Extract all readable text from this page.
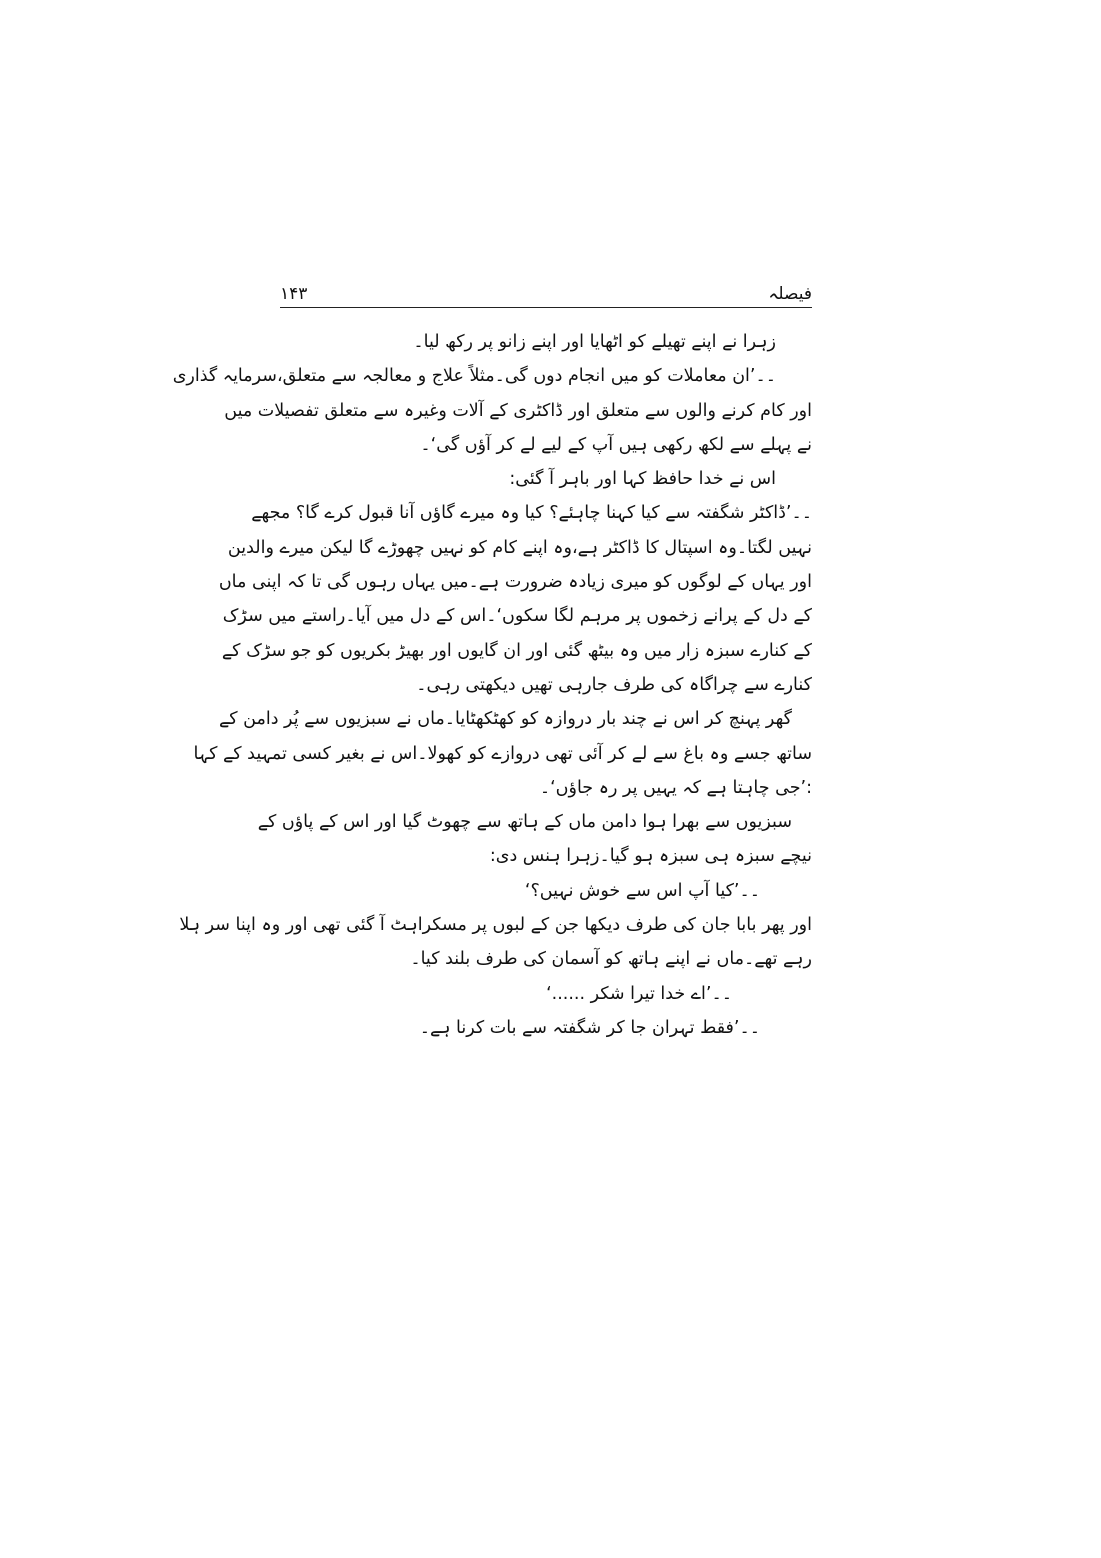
فیصلہ
۱۴۳
زہرا نے اپنے تھیلے کو اٹھایا اور اپنے زانو پر رکھ لیا۔
۔۔’ان معاملات کو میں انجام دوں گی۔مثلاً علاج و معالجہ سے متعلق،سرمایہ گذاری
اور کام کرنے والوں سے متعلق اور ڈاکٹری کے آلات وغیرہ سے متعلق تفصیلات میں
نے پہلے سے لکھ رکھی ہیں آپ کے لیے لے کر آؤں گی‘۔
اس نے خدا حافظ کہا اور باہر آ گئی:
۔۔’ڈاکٹر شگفتہ سے کیا کہنا چاہئے؟ کیا وہ میرے گاؤں آنا قبول کرے گا؟ مجھے
نہیں لگتا۔وہ اسپتال کا ڈاکٹر ہے،وہ اپنے کام کو نہیں چھوڑے گا لیکن میرے والدین
اور یہاں کے لوگوں کو میری زیادہ ضرورت ہے۔میں یہاں رہوں گی تا کہ اپنی ماں
کے دل کے پرانے زخموں پر مرہم لگا سکوں‘۔اس کے دل میں آیا۔راستے میں سڑک
کے کنارے سبزہ زار میں وہ بیٹھ گئی اور ان گایوں اور بھیڑ بکریوں کو جو سڑک کے
کنارے سے چراگاہ کی طرف جارہی تھیں دیکھتی رہی۔
گھر پہنچ کر اس نے چند بار دروازہ کو کھٹکھٹایا۔ماں نے سبزیوں سے پُر دامن کے
ساتھ جسے وہ باغ سے لے کر آئی تھی دروازے کو کھولا۔اس نے بغیر کسی تمہید کے کہا
:’جی چاہتا ہے کہ یہیں پر رہ جاؤں‘۔
سبزیوں سے بھرا ہوا دامن ماں کے ہاتھ سے چھوٹ گیا اور اس کے پاؤں کے
نیچے سبزہ ہی سبزہ ہو گیا۔زہرا ہنس دی:
۔۔’کیا آپ اس سے خوش نہیں؟‘
اور پھر بابا جان کی طرف دیکھا جن کے لبوں پر مسکراہٹ آ گئی تھی اور وہ اپنا سر ہلا
رہے تھے۔ماں نے اپنے ہاتھ کو آسمان کی طرف بلند کیا۔
۔۔’اے خدا تیرا شکر ......‘
۔۔’فقط تہران جا کر شگفتہ سے بات کرنا ہے۔
